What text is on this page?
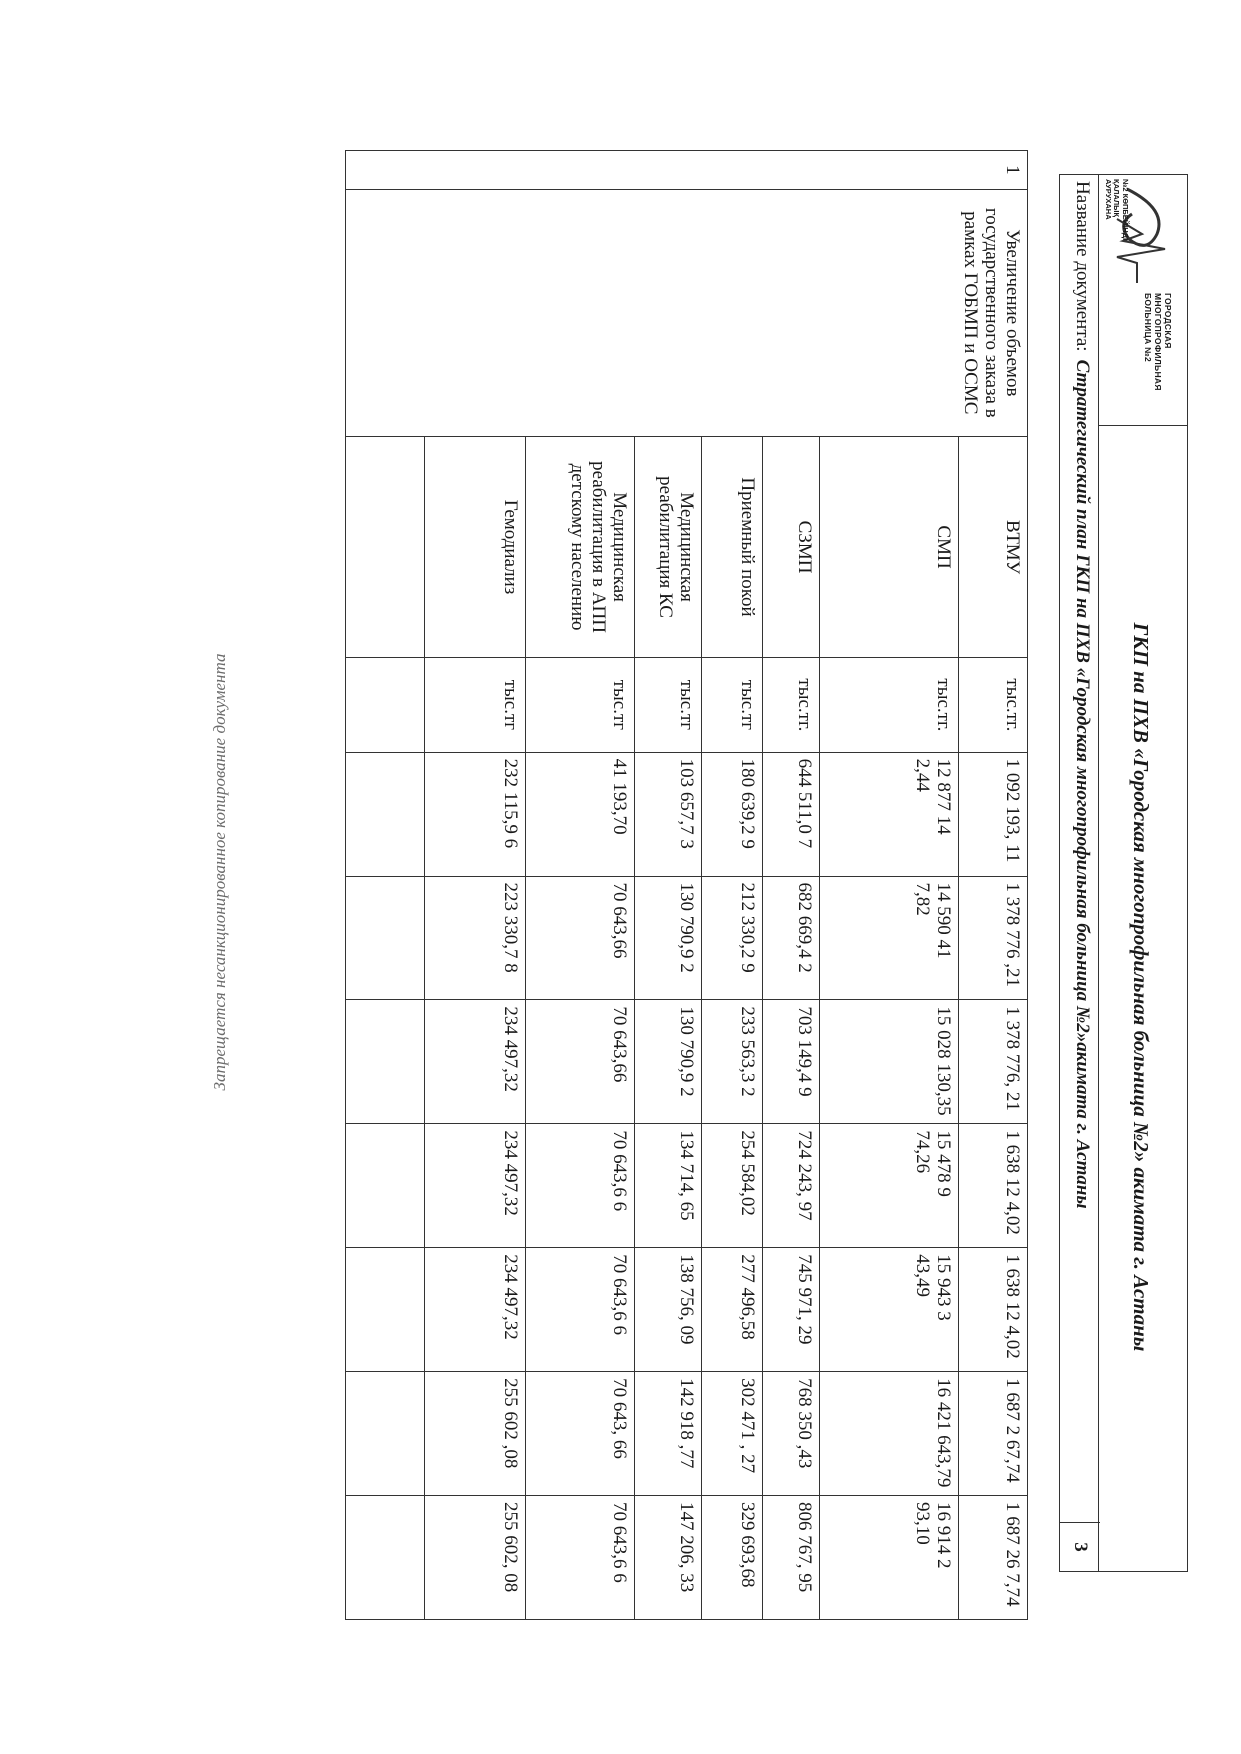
№2 КӨПБЕЙІНДІ
ҚАЛАЛЫҚ
АУРУХАНА
ГОРОДСКАЯ
МНОГОПРОФИЛЬНАЯ
БОЛЬНИЦА №2
ГКП на ПХВ «Городская многопрофильная больница №2» акимата г. Астаны
Название документа:Стратегический план ГКП на ПХВ «Городская многопрофильная больница №2»акимата г. Астаны
3
1	Увеличение объемов государственного заказа в рамках ГОБМП и ОСМС	ВТМУ	тыс.тг.	1 092 193, 11	1 378 776 ,21	1 378 776, 21	1 638 12 4,02	1 638 12 4,02	1 687 2 67,74	1 687 26 7,74
		СМП	тыс.тг.	12 877 14 2,44	14 590 41 7,82	15 028 130,35	15 478 9 74,26	15 943 3 43,49	16 421 643,79	16 914 2 93,10
		СЗМП	тыс.тг.	644 511,0 7	682 669,4 2	703 149,4 9	724 243, 97	745 971, 29	768 350 ,43	806 767, 95
		Приемный покой	тыс.тг	180 639,2 9	212 330,2 9	233 563,3 2	254 584,02	277 496,58	302 471 , 27	329 693,68
		Медицинская реабилитация КС	тыс.тг	103 657,7 3	130 790,9 2	130 790,9 2	134 714, 65	138 756, 09	142 918 ,77	147 206, 33
		Медицинская реабилитация в АПП детскому населению	тыс.тг	41 193,70	70 643,66	70 643,66	70 643,6 6	70 643,6 6	70 643, 66	70 643,6 6
		Гемодиализ	тыс.тг	232 115,9 6	223 330,7 8	234 497,32	234 497,32	234 497,32	255 602 ,08	255 602, 08

Запрещается несанкционированное копирование документа
